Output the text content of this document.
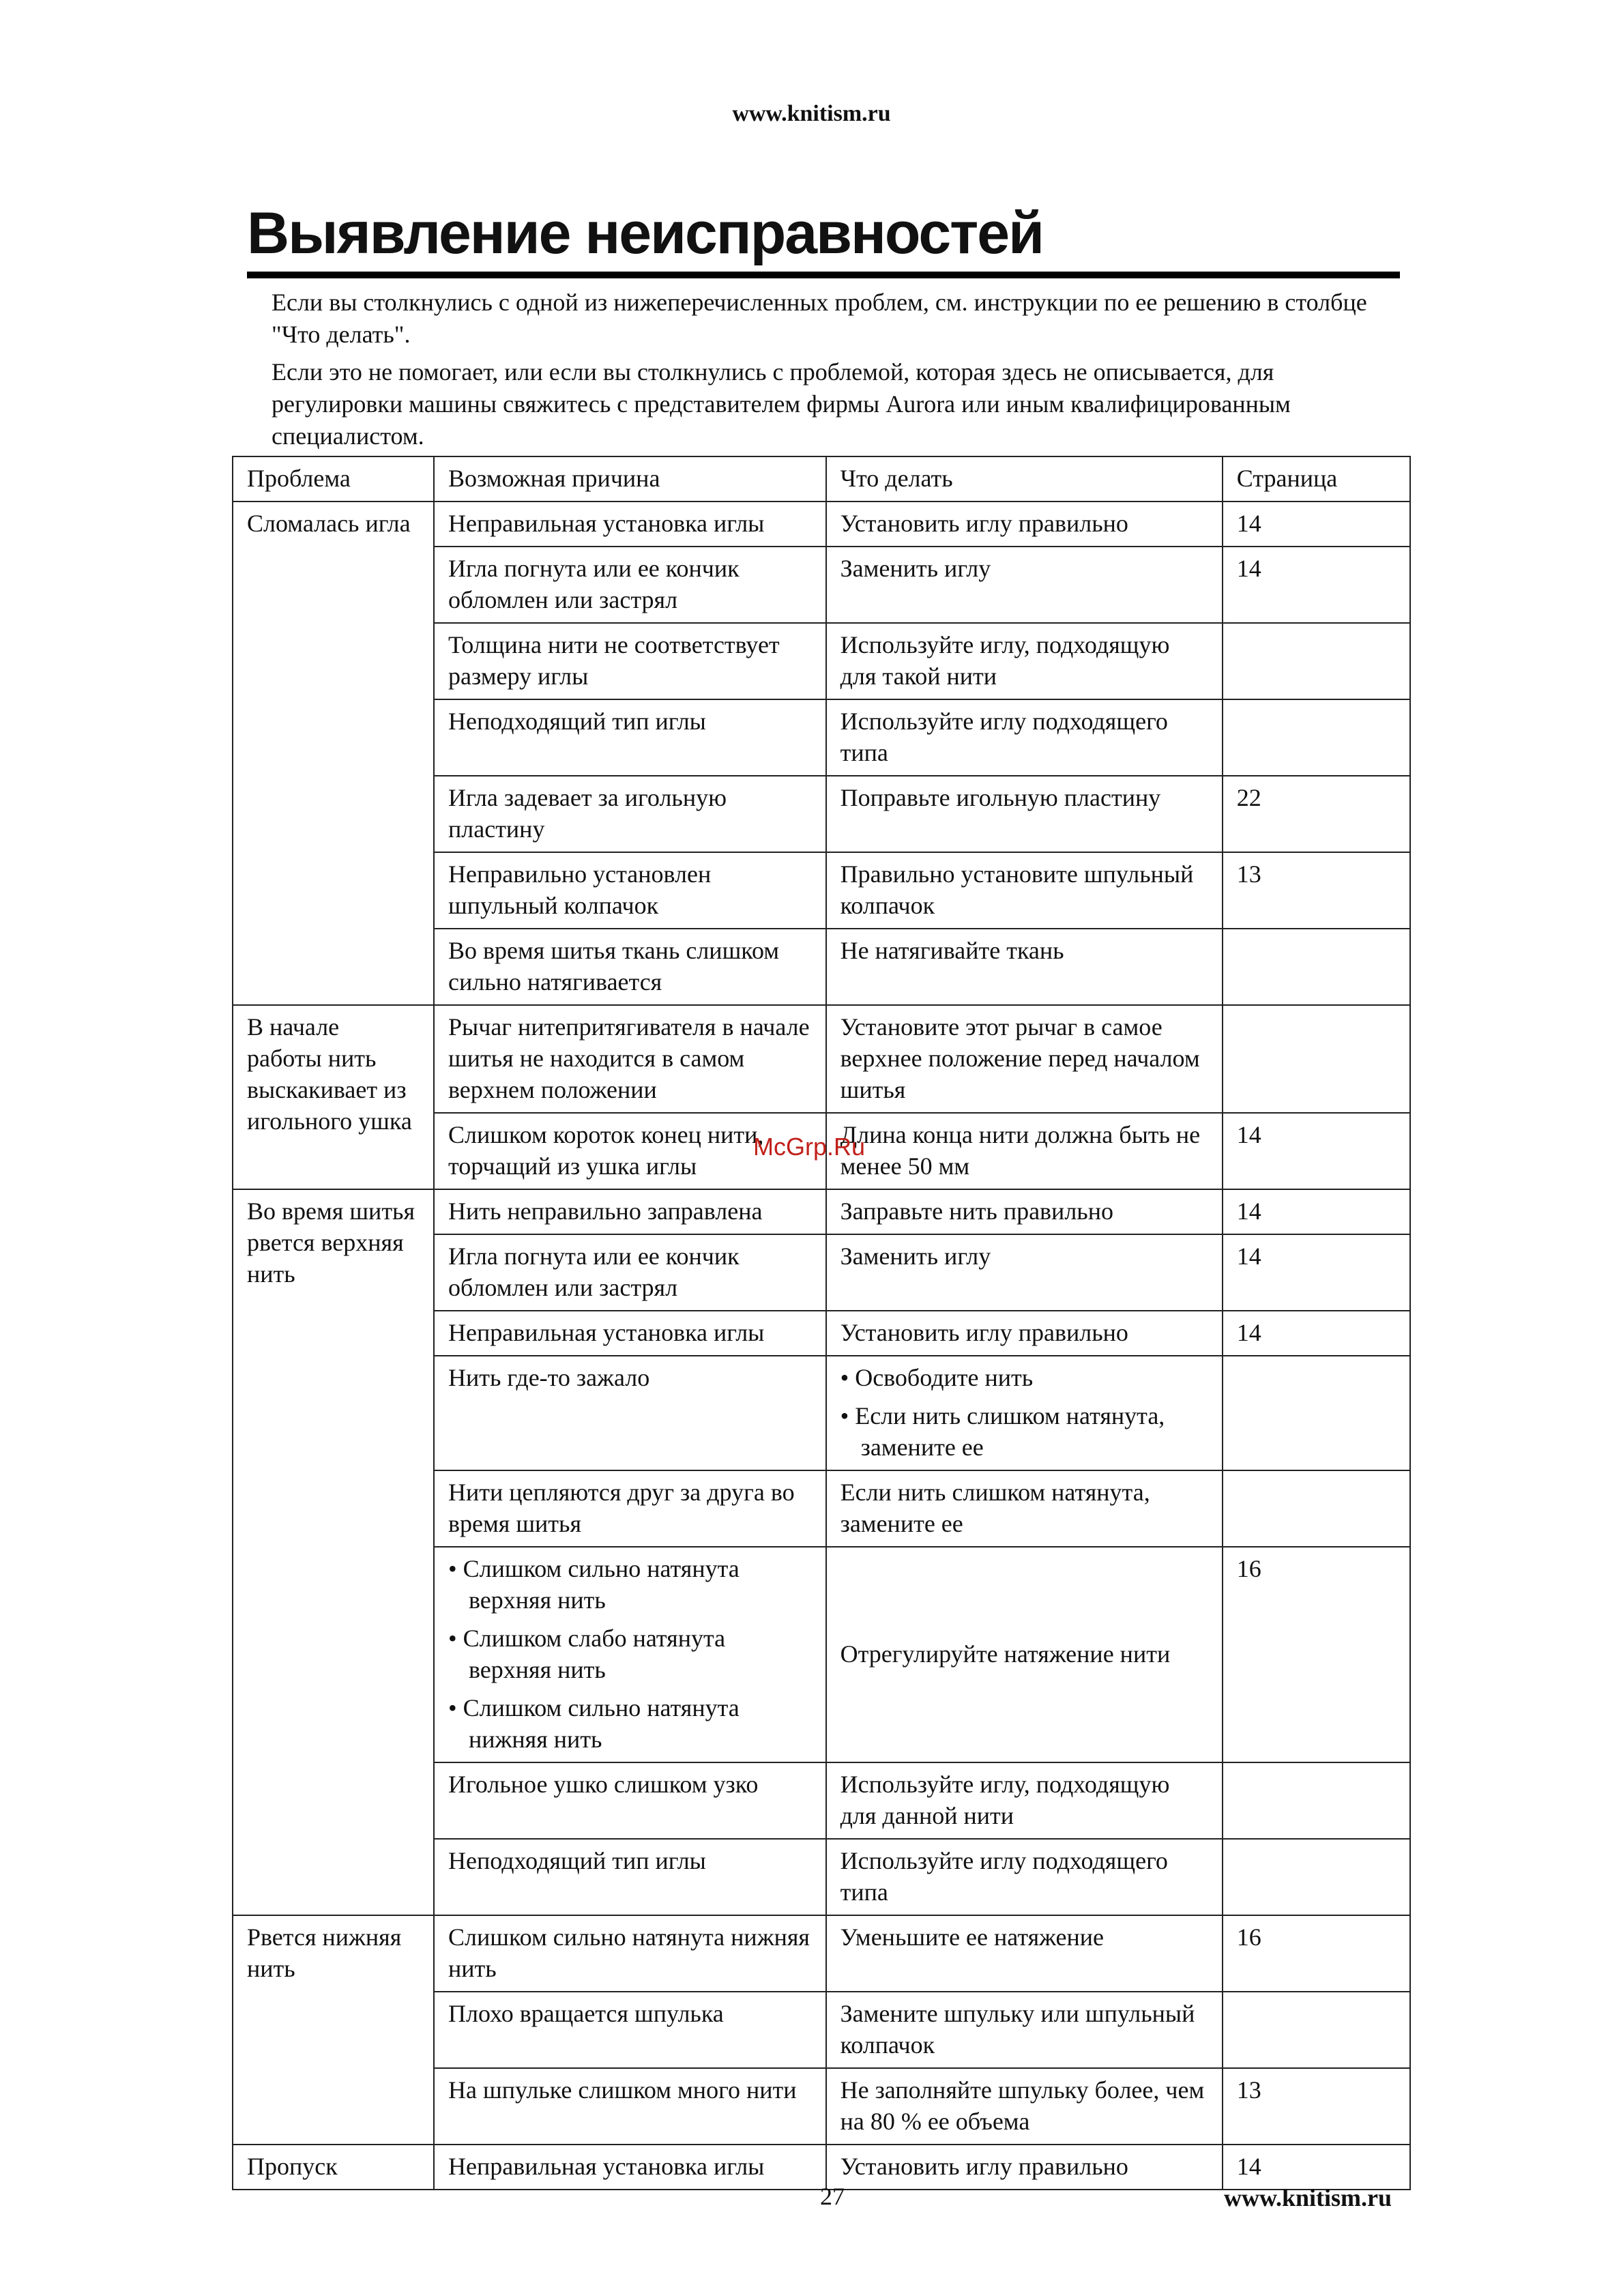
www.knitism.ru
Выявление неисправностей

Если вы столкнулись с одной из нижеперечисленных проблем, см. инструкции по ее решению в столбце "Что делать".

Если это не помогает, или если вы столкнулись с проблемой, которая здесь не описывается, для регулировки машины свяжитесь с представителем фирмы Aurora или иным квалифицированным специалистом.

Проблема	Возможная причина	Что делать	Страница
Сломалась игла	Неправильная установка иглы	Установить иглу правильно	14
	Игла погнута или ее кончик обломлен или застрял	Заменить иглу	14
	Толщина нити не соответствует размеру иглы	Используйте иглу, подходящую для такой нити	
	Неподходящий тип иглы	Используйте иглу подходящего типа	
	Игла задевает за игольную пластину	Поправьте игольную пластину	22
	Неправильно установлен шпульный колпачок	Правильно установите шпульный колпачок	13
	Во время шитья ткань слишком сильно натягивается	Не натягивайте ткань	
В начале работы нить выскакивает из игольного ушка	Рычаг нитепритягивателя в начале шитья не находится в самом верхнем положении	Установите этот рычаг в самое верхнее положение перед началом шитья	
	Слишком короток конец нити, торчащий из ушка иглы	Длина конца нити должна быть не менее 50 мм	14
Во время шитья рвется верхняя нить	Нить неправильно заправлена	Заправьте нить правильно	14
	Игла погнута или ее кончик обломлен или застрял	Заменить иглу	14
	Неправильная установка иглы	Установить иглу правильно	14
	Нить где-то зажало	• Освободите нить
• Если нить слишком натянута, замените ее	

	Нити цепляются друг за друга во время шитья	Если нить слишком натянута, замените ее	

	• Слишком сильно натянута верхняя нить
• Слишком слабо натянута верхняя нить
• Слишком сильно натянута нижняя нить	Отрегулируйте натяжение нити	16
	Игольное ушко слишком узко	Используйте иглу, подходящую для данной нити	
	Неподходящий тип иглы	Используйте иглу подходящего типа	
Рвется нижняя нить	Слишком сильно натянута нижняя нить	Уменьшите ее натяжение	16
	Плохо вращается шпулька	Замените шпульку или шпульный колпачок	
	На шпульке слишком много нити	Не заполняйте шпульку более, чем на 80 % ее объема	13
Пропуск	Неправильная установка иглы	Установить иглу правильно	14
McGrp.Ru
27	www.knitism.ru
